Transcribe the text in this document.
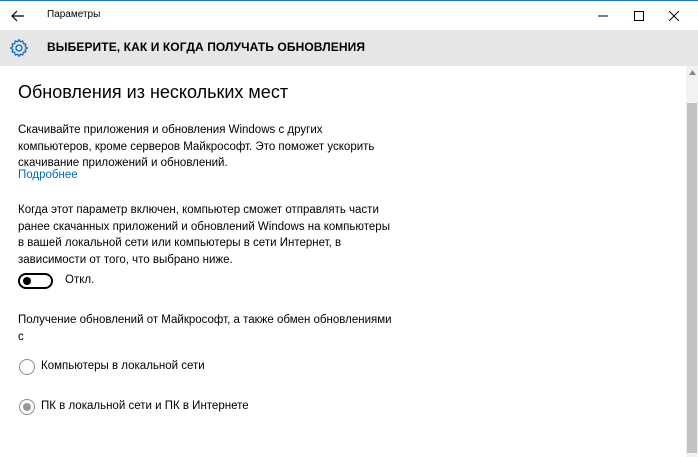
Параметры
ВЫБЕРИТЕ, КАК И КОГДА ПОЛУЧАТЬ ОБНОВЛЕНИЯ
Обновления из нескольких мест
Скачивайте приложения и обновления Windows с других компьютеров, кроме серверов Майкрософт. Это поможет ускорить скачивание приложений и обновлений.
Подробнее
Когда этот параметр включен, компьютер сможет отправлять части ранее скачанных приложений и обновлений Windows на компьютеры в вашей локальной сети или компьютеры в сети Интернет, в зависимости от того, что выбрано ниже.
Откл.
Получение обновлений от Майкрософт, а также обмен обновлениями с
Компьютеры в локальной сети
ПК в локальной сети и ПК в Интернете
